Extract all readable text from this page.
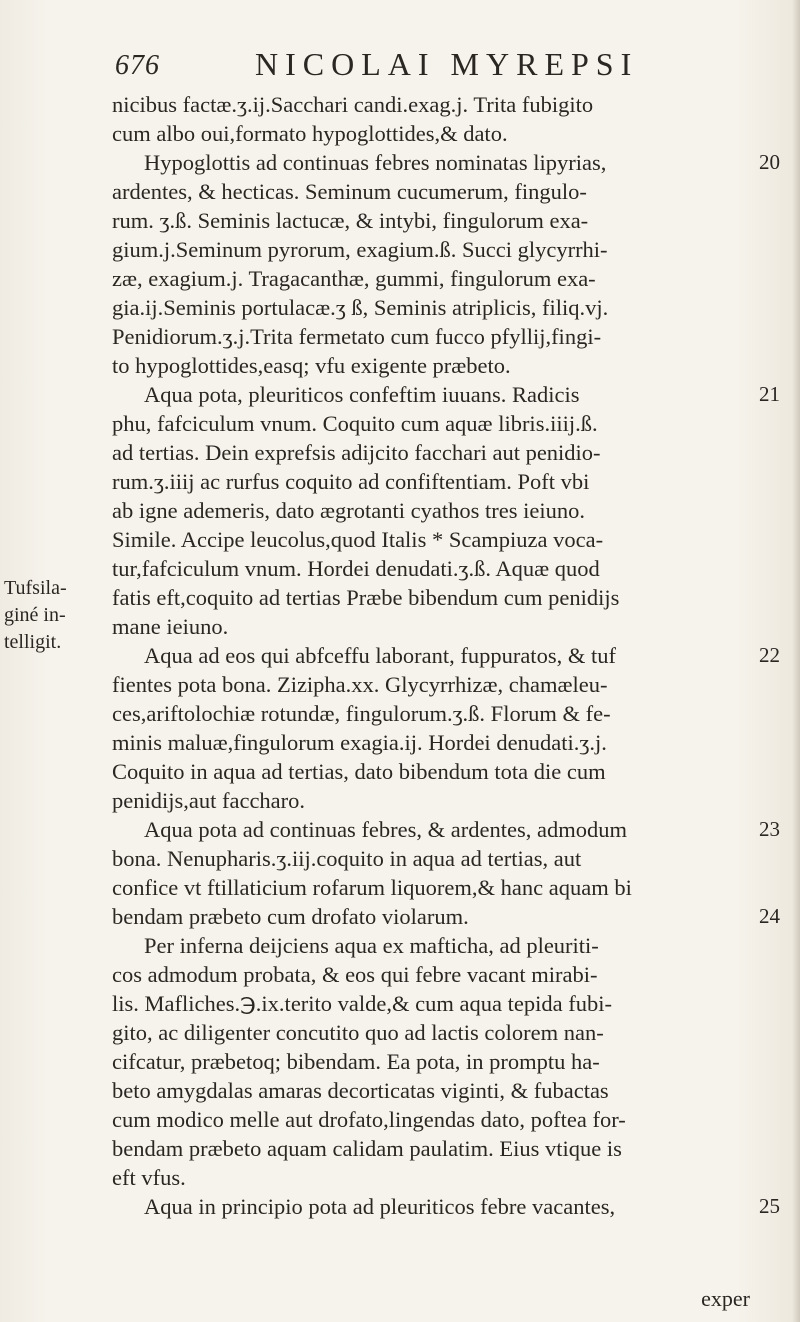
676	NICOLAI MYREPSI
Tufsila-
giné in-
telligit.
nicibus factæ.ʒ.ij.Sacchari candi.exag.j. Trita fubigito
cum albo oui,formato hypoglottides,& dato.
Hypoglottis ad continuas febres nominatas lipyrias,	20
ardentes, & hecticas. Seminum cucumerum, fingulo-
rum. ʒ.ß. Seminis lactucæ, & intybi, fingulorum exa-
gium.j.Seminum pyrorum, exagium.ß. Succi glycyrrhi-
zæ, exagium.j. Tragacanthæ, gummi, fingulorum exa-
gia.ij.Seminis portulacæ.ʒ ß, Seminis atriplicis, filiq.vj.
Penidiorum.ʒ.j.Trita fermetato cum fucco pfyllij,fingi-
to hypoglottides,easq; vfu exigente præbeto.
Aqua pota, pleuriticos confeftim iuuans. Radicis	21
phu, fafciculum vnum. Coquito cum aquæ libris.iiij.ß.
ad tertias. Dein exprefsis adijcito facchari aut penidio-
rum.ʒ.iiij ac rurfus coquito ad confiftentiam. Poft vbi
ab igne ademeris, dato ægrotanti cyathos tres ieiuno.
Simile. Accipe leucolus,quod Italis * Scampiuza voca-
tur,fafciculum vnum. Hordei denudati.ʒ.ß. Aquæ quod
fatis eft,coquito ad tertias Præbe bibendum cum penidijs
mane ieiuno.
Aqua ad eos qui abfceffu laborant, fuppuratos, & tuf	22
fientes pota bona. Zizipha.xx. Glycyrrhizæ, chamæleu-
ces,ariftolochiæ rotundæ, fingulorum.ʒ.ß. Florum & fe-
minis maluæ,fingulorum exagia.ij. Hordei denudati.ʒ.j.
Coquito in aqua ad tertias, dato bibendum tota die cum
penidijs,aut faccharo.
Aqua pota ad continuas febres, & ardentes, admodum	23
bona. Nenupharis.ʒ.iij.coquito in aqua ad tertias, aut
confice vt ftillaticium rofarum liquorem,& hanc aquam bi
bendam præbeto cum drofato violarum.	24
Per inferna deijciens aqua ex mafticha, ad pleuriti-
cos admodum probata, & eos qui febre vacant mirabi-
lis. Mafliches.℈.ix.terito valde,& cum aqua tepida fubi-
gito, ac diligenter concutito quo ad lactis colorem nan-
cifcatur, præbetoq; bibendam. Ea pota, in promptu ha-
beto amygdalas amaras decorticatas viginti, & fubactas
cum modico melle aut drofato,lingendas dato, poftea for-
bendam præbeto aquam calidam paulatim. Eius vtique is
eft vfus.
Aqua in principio pota ad pleuriticos febre vacantes,	25
exper
